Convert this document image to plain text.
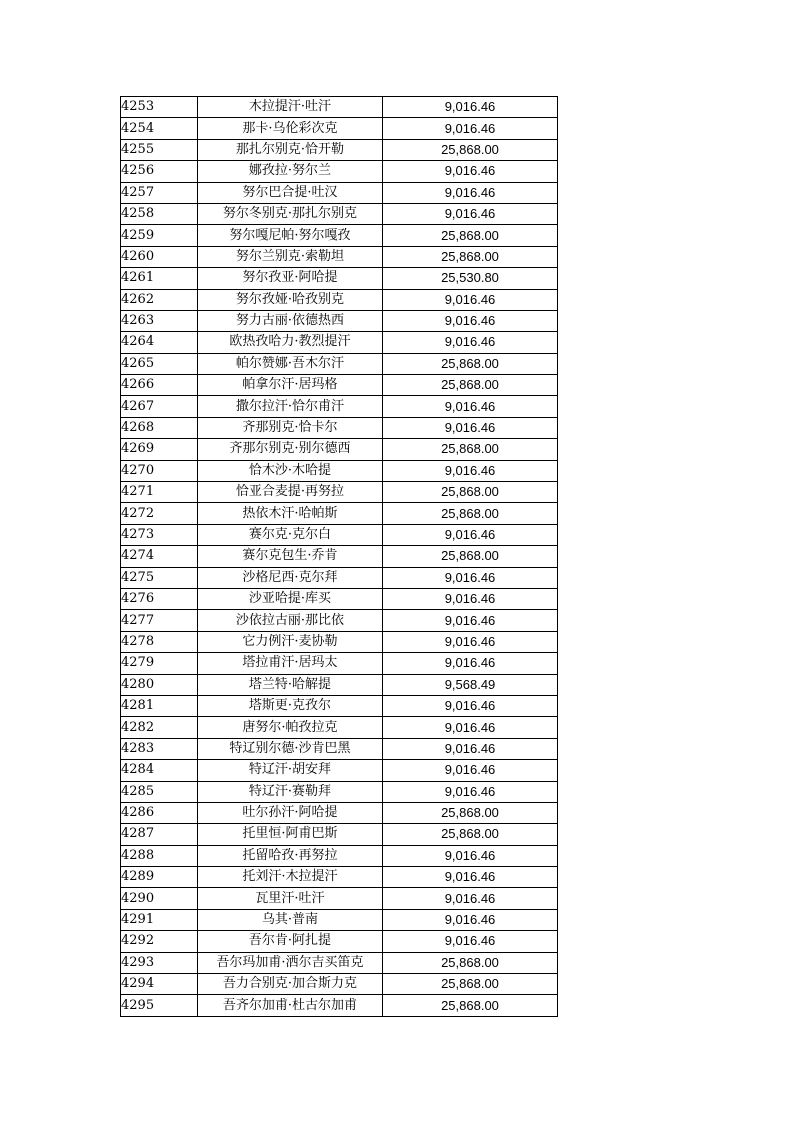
4253	木拉提汗·吐汗	9,016.46
4254	那卡·乌伦彩次克	9,016.46
4255	那扎尔别克·恰开勒	25,868.00
4256	娜孜拉·努尔兰	9,016.46
4257	努尔巴合提·吐汉	9,016.46
4258	努尔冬别克·那扎尔别克	9,016.46
4259	努尔嘎尼帕·努尔嘎孜	25,868.00
4260	努尔兰别克·索勒坦	25,868.00
4261	努尔孜亚·阿哈提	25,530.80
4262	努尔孜娅·哈孜别克	9,016.46
4263	努力古丽·依德热西	9,016.46
4264	欧热孜哈力·教烈提汗	9,016.46
4265	帕尔赞娜·吾木尔汗	25,868.00
4266	帕拿尔汗·居玛格	25,868.00
4267	撒尔拉汗·恰尔甫汗	9,016.46
4268	齐那别克·恰卡尔	9,016.46
4269	齐那尔别克·别尔德西	25,868.00
4270	恰木沙·木哈提	9,016.46
4271	恰亚合麦提·再努拉	25,868.00
4272	热依木汗·哈帕斯	25,868.00
4273	赛尔克·克尔白	9,016.46
4274	赛尔克包生·乔肯	25,868.00
4275	沙格尼西·克尔拜	9,016.46
4276	沙亚哈提·库买	9,016.46
4277	沙依拉古丽·那比依	9,016.46
4278	它力例汗·麦协勒	9,016.46
4279	塔拉甫汗·居玛太	9,016.46
4280	塔兰特·哈解提	9,568.49
4281	塔斯更·克孜尔	9,016.46
4282	唐努尔·帕孜拉克	9,016.46
4283	特辽别尔德·沙肯巴黑	9,016.46
4284	特辽汗·胡安拜	9,016.46
4285	特辽汗·赛勒拜	9,016.46
4286	吐尔孙汗·阿哈提	25,868.00
4287	托里恒·阿甫巴斯	25,868.00
4288	托留哈孜·再努拉	9,016.46
4289	托刘汗·木拉提汗	9,016.46
4290	瓦里汗·吐汗	9,016.46
4291	乌其·普南	9,016.46
4292	吾尔肯·阿扎提	9,016.46
4293	吾尔玛加甫·洒尔吉买笛克	25,868.00
4294	吾力合别克·加合斯力克	25,868.00
4295	吾齐尔加甫·杜古尔加甫	25,868.00
